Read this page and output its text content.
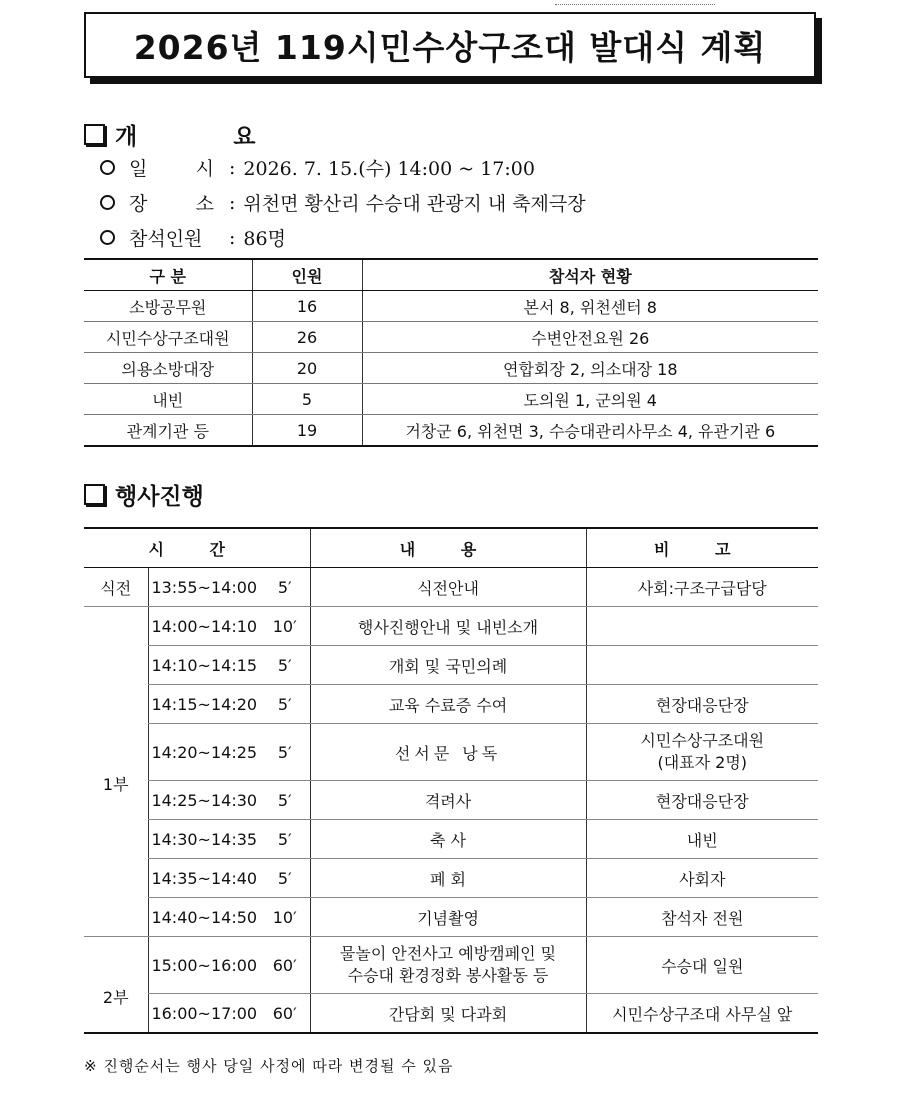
2026년 119시민수상구조대 발대식 계획
개 요
일        시 : 2026. 7. 15.(수) 14:00 ~ 17:00
장        소 : 위천면 황산리 수승대 관광지 내 축제극장
참석인원	: 86명
구 분	인원	참석자 현황
소방공무원	16	본서 8, 위천센터 8
시민수상구조대원	26	수변안전요원 26
의용소방대장	20	연합회장 2, 의소대장 18
내빈	5	도의원 1, 군의원 4
관계기관 등	19	거창군 6, 위천면 3, 수승대관리사무소 4, 유관기관 6
행사진행
시 간			내 용	비 고
식전	13:55~14:00	5′	식전안내	사회:구조구급담당
1부	14:00~14:10	10′	행사진행안내 및 내빈소개	
	14:10~14:15	5′	개회 및 국민의례	
	14:15~14:20	5′	교육 수료증 수여	현장대응단장
	14:20~14:25	5′	선서문 낭독	시민수상구조대원
(대표자 2명)

	14:25~14:30	5′	격려사	현장대응단장
	14:30~14:35	5′	축 사	내빈
	14:35~14:40	5′	폐 회	사회자
	14:40~14:50	10′	기념촬영	참석자 전원
2부	15:00~16:00	60′	물놀이 안전사고 예방캠페인 및
수승대 환경정화 봉사활동 등	수승대 일원
	16:00~17:00	60′	간담회 및 다과회	시민수상구조대 사무실 앞
※ 진행순서는 행사 당일 사정에 따라 변경될 수 있음
